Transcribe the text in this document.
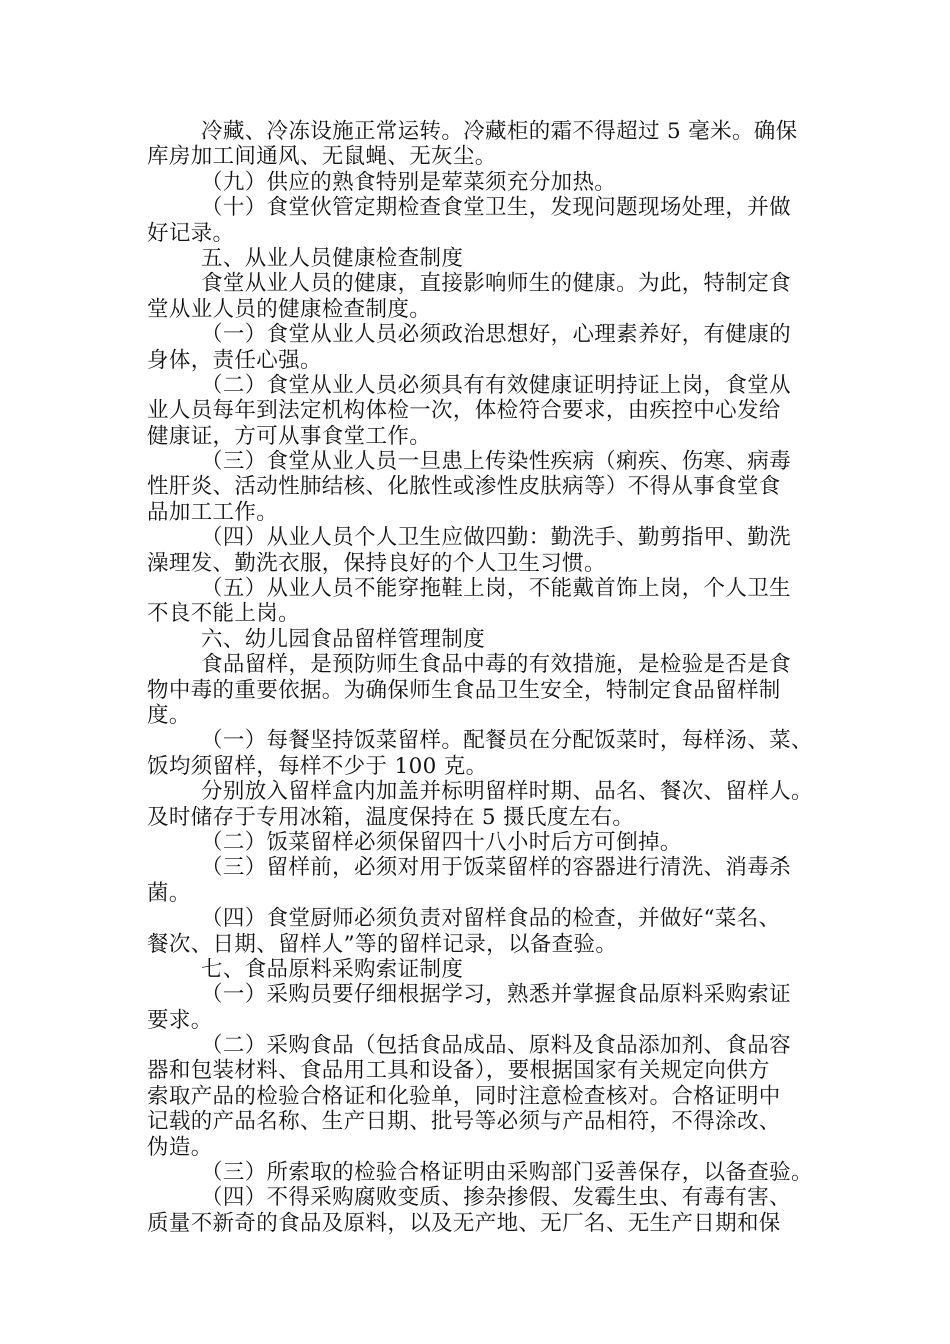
冷藏、冷冻设施正常运转。冷藏柜的霜不得超过 5 毫米。确保
库房加工间通风、无鼠蝇、无灰尘。
（九）供应的熟食特别是荤菜须充分加热。
（十）食堂伙管定期检查食堂卫生，发现问题现场处理，并做
好记录。
五、从业人员健康检查制度
食堂从业人员的健康，直接影响师生的健康。为此，特制定食
堂从业人员的健康检查制度。
（一）食堂从业人员必须政治思想好，心理素养好，有健康的
身体，责任心强。
（二）食堂从业人员必须具有有效健康证明持证上岗，食堂从
业人员每年到法定机构体检一次，体检符合要求，由疾控中心发给
健康证，方可从事食堂工作。
（三）食堂从业人员一旦患上传染性疾病（痢疾、伤寒、病毒
性肝炎、活动性肺结核、化脓性或渗性皮肤病等）不得从事食堂食
品加工工作。
（四）从业人员个人卫生应做四勤：勤洗手、勤剪指甲、勤洗
澡理发、勤洗衣服，保持良好的个人卫生习惯。
（五）从业人员不能穿拖鞋上岗，不能戴首饰上岗，个人卫生
不良不能上岗。
六、幼儿园食品留样管理制度
食品留样，是预防师生食品中毒的有效措施，是检验是否是食
物中毒的重要依据。为确保师生食品卫生安全，特制定食品留样制
度。
（一）每餐坚持饭菜留样。配餐员在分配饭菜时，每样汤、菜、
饭均须留样，每样不少于 100 克。
分别放入留样盒内加盖并标明留样时期、品名、餐次、留样人。
及时储存于专用冰箱，温度保持在 5 摄氏度左右。
（二）饭菜留样必须保留四十八小时后方可倒掉。
（三）留样前，必须对用于饭菜留样的容器进行清洗、消毒杀
菌。
（四）食堂厨师必须负责对留样食品的检查，并做好“菜名、
餐次、日期、留样人”等的留样记录，以备查验。
七、食品原料采购索证制度
（一）采购员要仔细根据学习，熟悉并掌握食品原料采购索证
要求。
（二）采购食品（包括食品成品、原料及食品添加剂、食品容
器和包装材料、食品用工具和设备），要根据国家有关规定向供方
索取产品的检验合格证和化验单，同时注意检查核对。合格证明中
记载的产品名称、生产日期、批号等必须与产品相符，不得涂改、
伪造。
（三）所索取的检验合格证明由采购部门妥善保存，以备查验。
（四）不得采购腐败变质、掺杂掺假、发霉生虫、有毒有害、
质量不新奇的食品及原料，以及无产地、无厂名、无生产日期和保
